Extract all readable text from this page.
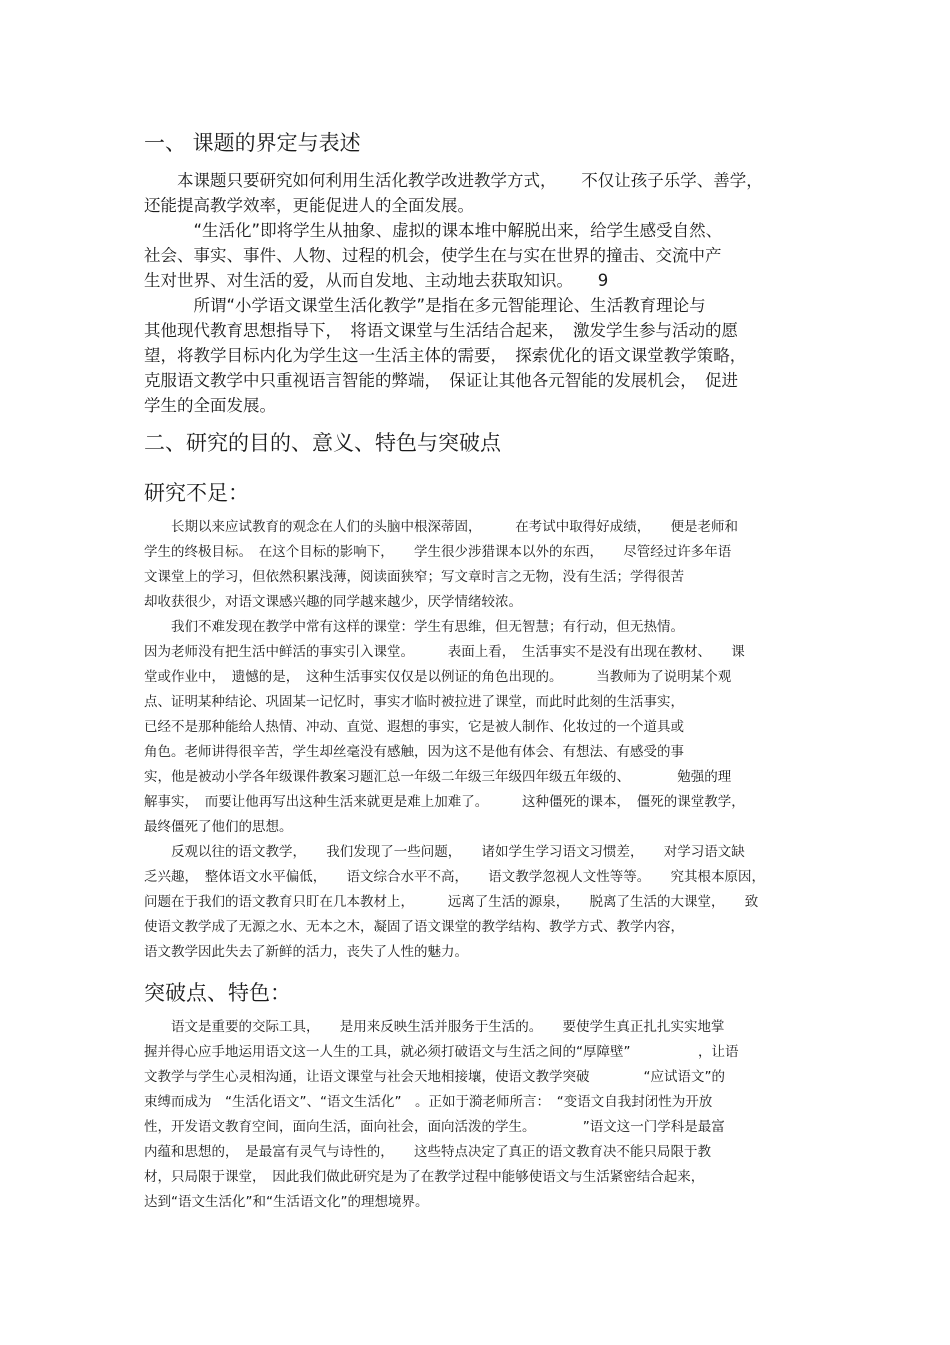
一、 课题的界定与表述
　　本课题只要研究如何利用生活化教学改进教学方式，　　不仅让孩子乐学、善学，
还能提高教学效率，更能促进人的全面发展。
　　　“生活化”即将学生从抽象、虚拟的课本堆中解脱出来，给学生感受自然、
社会、事实、事件、人物、过程的机会，使学生在与实在世界的撞击、交流中产
生对世界、对生活的爱，从而自发地、主动地去获取知识。　　9
　　　所谓“小学语文课堂生活化教学”是指在多元智能理论、生活教育理论与
其他现代教育思想指导下，　将语文课堂与生活结合起来，　激发学生参与活动的愿
望，将教学目标内化为学生这一生活主体的需要，　探索优化的语文课堂教学策略，
克服语文教学中只重视语言智能的弊端，　保证让其他各元智能的发展机会，　促进
学生的全面发展。
二、研究的目的、意义、特色与突破点
研究不足：
　　长期以来应试教育的观念在人们的头脑中根深蒂固，　　　在考试中取得好成绩，　　便是老师和
学生的终极目标。　在这个目标的影响下，　　学生很少涉猎课本以外的东西，　　尽管经过许多年语
文课堂上的学习，但依然积累浅薄，阅读面狭窄；写文章时言之无物，没有生活；学得很苦
却收获很少，对语文课感兴趣的同学越来越少，厌学情绪较浓。
　　我们不难发现在教学中常有这样的课堂：学生有思维，但无智慧；有行动，但无热情。
因为老师没有把生活中鲜活的事实引入课堂。　　　表面上看，　生活事实不是没有出现在教材、　　课
堂或作业中，　遗憾的是，　这种生活事实仅仅是以例证的角色出现的。　　　当教师为了说明某个观
点、证明某种结论、巩固某一记忆时，事实才临时被拉进了课堂，而此时此刻的生活事实，
已经不是那种能给人热情、冲动、直觉、遐想的事实，它是被人制作、化妆过的一个道具或
角色。老师讲得很辛苦，学生却丝毫没有感触，因为这不是他有体会、有想法、有感受的事
实，他是被动小学各年级课件教案习题汇总一年级二年级三年级四年级五年级的、　　　　勉强的理
解事实，　而要让他再写出这种生活来就更是难上加难了。　　　这种僵死的课本，　僵死的课堂教学，
最终僵死了他们的思想。
　　反观以往的语文教学，　　我们发现了一些问题，　　诸如学生学习语文习惯差，　　对学习语文缺
乏兴趣，　整体语文水平偏低，　　语文综合水平不高，　　语文教学忽视人文性等等。　　究其根本原因，
问题在于我们的语文教育只盯在几本教材上，　　　远离了生活的源泉，　　脱离了生活的大课堂，　　致
使语文教学成了无源之水、无本之木，凝固了语文课堂的教学结构、教学方式、教学内容，
语文教学因此失去了新鲜的活力，丧失了人性的魅力。
突破点、特色：
　　语文是重要的交际工具，　　是用来反映生活并服务于生活的。　　要使学生真正扎扎实实地掌
握并得心应手地运用语文这一人生的工具，就必须打破语文与生活之间的“厚障壁”　　　　　，让语
文教学与学生心灵相沟通，让语文课堂与社会天地相接壤，使语文教学突破　　　　“应试语文”的
束缚而成为　“生活化语文”、“语文生活化”　。正如于漪老师所言：　“变语文自我封闭性为开放
性，开发语文教育空间，面向生活，面向社会，面向活泼的学生。　　　　”语文这一门学科是最富
内蕴和思想的，　是最富有灵气与诗性的，　　这些特点决定了真正的语文教育决不能只局限于教
材，只局限于课堂，　因此我们做此研究是为了在教学过程中能够使语文与生活紧密结合起来，
达到“语文生活化”和“生活语文化”的理想境界。
